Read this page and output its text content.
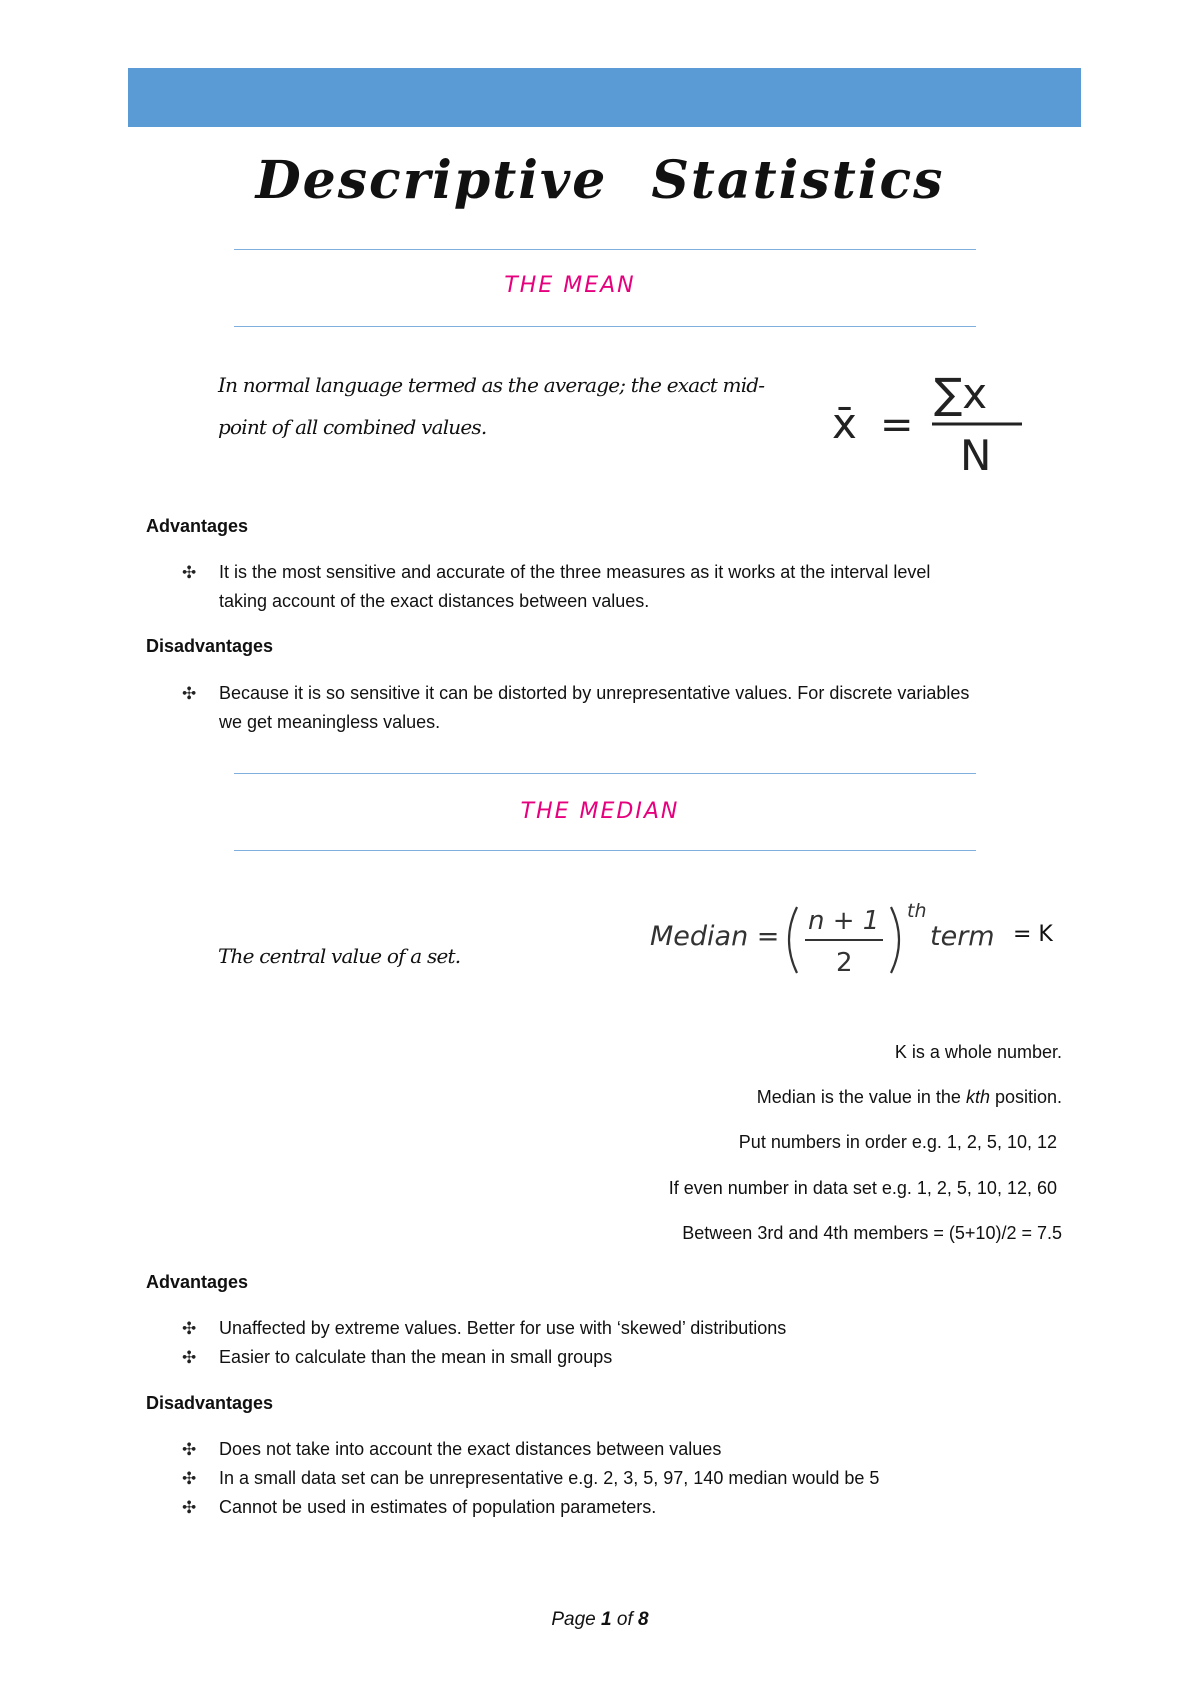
Descriptive Statistics
THE MEAN
In normal language termed as the average; the exact mid-
point of all combined values.	x̄ =
∑x
N
Advantages
✣ It is the most sensitive and accurate of the three measures as it works at the interval level
taking account of the exact distances between values.
Disadvantages
✣ Because it is so sensitive it can be distorted by unrepresentative values. For discrete variables
we get meaningless values.
THE MEDIAN
The central value of a set.
Median = n + 1
2
th
term = K
K is a whole number.
Median is the value in the kth position.
Put numbers in order e.g. 1, 2, 5, 10, 12
If even number in data set e.g. 1, 2, 5, 10, 12, 60
Between 3rd and 4th members = (5+10)/2 = 7.5
Advantages
✣ Unaffected by extreme values. Better for use with ‘skewed’ distributions
✣ Easier to calculate than the mean in small groups
Disadvantages
✣ Does not take into account the exact distances between values
✣ In a small data set can be unrepresentative e.g. 2, 3, 5, 97, 140 median would be 5
✣ Cannot be used in estimates of population parameters.
Page 1 of 8
